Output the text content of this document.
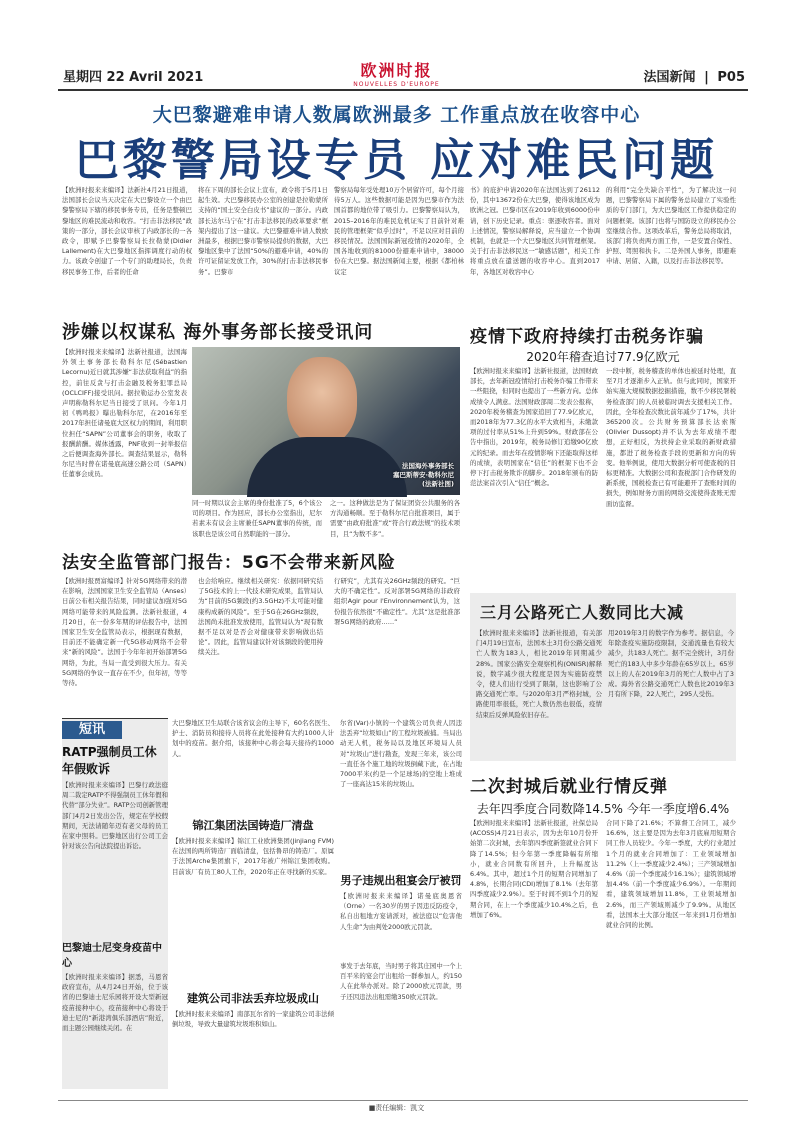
星期四 22 Avril 2021	欧洲时报
NOUVELLES D'EUROPE	法国新闻 | P05
大巴黎避难申请人数属欧洲最多 工作重点放在收容中心
巴黎警局设专员 应对难民问题
【欧洲时报来来编译】法新社4月21日报道，法国部长会议当天决定在大巴黎设立一个由巴黎警察局下辖的移民事务专员，任务是整顿巴黎地区的难民流动和收容。“打击非法移民”政策的一部分，部长会议审核了内政部长的一各政令，即赋予巴黎警察局长拉勒蒙(Didier Lallement)在大巴黎地区指挥调度行动的权力。该政令创建了一个专门的助理局长，负责移民事务工作，后者的任命
将在下周的部长会议上宣布，政令将于5月1日起生效。大巴黎移民办公室的创建是拉勒蒙所支持的“国土安全白皮书”建议的一部分。内政部长达尔马宁在“打击非法移民的改革要求”框架内提出了这一建议。大巴黎避难申请人数欧洲最多，根据巴黎市警察局提供的数据，大巴黎地区集中了法国“50%的避难申请，40%的许可证留证发放工作，30%的打击非法移民事务”。巴黎市
警察局每年受处理10万个居留许可，每个月接待5万人。这些数据可能是因为巴黎市作为法国首都的地位带了吸引力。巴黎警察局认为，2015–2016年的难民危机证实了目前针对难民的管理框架“似乎过时”，不足以应对目前的移民情况。法国国际新冠疫情的2020年，全国各地收到的81000份避难申请中，38000份在大巴黎。据法国新闻主要，根据《都柏林议定
书》的庇护申请2020年在法国达到了26112份，其中13672份在大巴黎，使得该地区成为欧洲之冠。巴黎市区在2019年收到6000份申请，创下历史记录。重点：驱逐收容者。面对上述情况，警察局解释说，应当建立一个协调机制，也就是一个大巴黎地区共同管理框架。关于打击非法移民这一“敏感话题”，相关工作将重点放在遣送题的收容中心。直到2017年，各地区对收容中心
的利用“完全失缺合平性”，为了解决这一问题，巴黎警察局下属的警务总局建立了实验性质的专门部门，为大巴黎地区工作提供稳定的问题框架。该部门也将与国防设立的移民办公室继续合作。这项改革后，警务总局将取消，该部门将负责两方面工作，一是安置合保性、护照、驾照和执卡。二是外国人事务，即避难申请、居留、入籍，以及打击非法移民等。
涉嫌以权谋私 海外事务部长接受讯问
【欧洲时报来来编译】法新社报道，法国海外领土事务部长勒科尔尼(Sébastien Lecornu)近日就其涉嫌“非法获取利益”的指控，前往反贪与打击金融及税务犯罪总局(OCLCIFF)接受讯问。据拉勒运办公室发表声明称勒科尔尼当日接受了讯问。今年1月初《鸭鸣报》曝出勒科尔尼，在2016年至2017年担任诸曼底大区权力的期间，利用职位担任“SAPN”公司董事会的职务，收取了报酬薪酬。媒体透露，PNF收到一封举报信之后便调查海外部长。调查结果显示，勒科尔尼当时曾在诺曼底高速公路公司（SAPN）任董事会成员。
法国海外事务部长
塞巴斯蒂安·勒科尔尼
(法新社图)
同一时期以议会主席的身份批准了5，6个该公司的项目。作为回应，部长办公室指出，尼尔若素未有议会主席兼任SAPN董事的传统，而该职也是该公司自然职能的一部分。
之一。这种做法是为了保证团资公共服务的各方沟通畅顺。至于勒科尔尼自批准项目，属于需要“由政府批准”或“符合行政法规”的技术项目，且“为数不多”。
法安全监管部门报告：5G不会带来新风险
【欧洲时报贾富编译】针对5G网络带来的潜在影响，法国国家卫生安全监管局（Anses）日前公布相关报告结果，同时建议加强对5G网络可能带来的风险监测。法新社报道，4月20日，在一份多年期的评估报告中，法国国家卫生安全监管局表示，根据现有数据，目前还不能确定新一代5G移动网络不会带来“新的风险”。法国于今年年初开始部署5G网络，为此，当局一直受到很大压力。有关5G网络的争议一直存在不少，但年初，等等等待。
也会给响应。继续相关研究：依据同研究结了5G技术的上一代技术研究成果，监管局认为“目前的5G频段(约3.5GHz)不太可能对健康构成新的风险”。至于5G在26GHz频段，法国尚未批准发放使用，监管局认为“现有数据不足以对是否会对健康带来影响做出结论”。因此，监管局建议针对该频段的使用持续关注。
行研究”，尤其有关26GHz频段的研究。“巨大的不确定性”。反对部署5G网络的非政府组织Agir pour l'Environnement认为，这份报告依然很“不确定性”。尤其“这是批准部署5G网络的政府……”
短讯
RATP强制员工休年假败诉
【欧洲时报来来编译】巴黎行政法庭周二裁定RATP不得强制员工休年假和代替“部分失业”。RATP公司创新管理部门4月2日发出公告，规定在学校假期间，无法请随年迈有老父母的员工在家中照料。巴黎地区出行公司工会针对该公告向法院提出诉讼。
巴黎迪士尼变身疫苗中心
【欧洲时报来来编译】据悉，马恩省政府宣布，从4月24日开始，位于该省的巴黎迪士尼乐园将开设大型新冠疫苗接种中心，疫苗接种中心将设于迪士尼的“新港湾俱乐部酒店”附近，而主题公园继续关闭。在
大巴黎地区卫生局联合该省议会的主导下，60名名医生、护士、消防员和接待人员将在此处接种有大约1000人计划中的疫苗。据介绍，该接种中心将会每天接待约1000人。
锦江集团法国铸造厂清盘
【欧洲时报来来编译】锦江工业欧洲集团(Jinjiang FVM)在法国的两所铸造厂面临清盘，包括鲁昂的铸造厂。原属于法国Arche集团旗下，2017年被广州锦江集团收购。目前该厂有员工80人工作，2020年正在寻找新的买家。
建筑公司非法丢弃垃圾成山
【欧洲时报来来编译】南部瓦尔省的一家建筑公司非法倾倒垃圾，导致大量建筑垃圾堆积如山。
尔省(Var)小镇的一个建筑公司负责人因违法丢弃“垃圾如山”的工程垃圾被捕。当局出动无人机，税务局以及地区环境局人员对“垃圾山”进行勘查，发现三年来，该公司一直任各个施工地的垃圾倒藏下此，在占地7000平米(约是一个足球场)的空地上堆成了一座高达15米的垃圾山。
男子违规出租宴会厅被罚
【欧洲时报来来编译】诺曼底奥恩省（Orne）一名30岁的男子因违反防疫令，私自出租地方宴请派对，被法庭以“危害他人生命”为由判处2000欧元罚款。
事发于去年底，当时男子将其庄园中一个上百平米的宴会厅出租给一群参加人，约150人在此举办派对。除了2000欧元罚款，男子还因违法出租需缴350欧元罚款。
疫情下政府持续打击税务诈骗
2020年稽查追讨77.9亿欧元
【欧洲时报来来编译】法新社报道，法国财政部长，去年新冠疫情给打击税务诈骗工作带来一些阻挠，但同时也提出了一些新方向。总体成绩令人满意。法国财政部周二发表公报称，2020年税务稽查为国家追回了77.9亿欧元，而2018年为77.3亿的水平大致相当，未缴款项的过付率从51%上升到59%。财政部在公告中指出，2019年，税务局修订追缴90亿欧元的纪录。而去年在疫情影响下还能取得这样的成绩，表明国家在“信任”的框架下也不会停下打击税务欺诈的脚步。2018年颁布的防范法案首次引入“信任”概念。
一段中断，税务稽查的单体也被延时处理，直至7月才逐渐步入正轨。但与此同时，国家开始实施大规模数据挖掘措施，数不少移民署税务检查部门的人员被临时调去支援相关工作。因此，全年检查次数比前年减少了17%，共计365200次。公共财务预算部长达索斯(Olivier Dussopt)并不认为去年成绩不理想，正好相反，为扶持企业采取的新财政措施，都进了税务检查手段的更新和方向的转变。他举例说，使用大数据分析可使查税的目标更精准。大数据公司和查税部门合作研发的新系统，国税检查已有可能避开了查账时间的损失，例如财务方面的网络交流使得查账无需面访监督。
三月公路死亡人数同比大减
【欧洲时报来来编译】法新社报道，有关部门4月19日宣布，法国本土3月份公路交通死亡人数为183人，相比2019年同期减少28%。国家公路安全观察机构(ONISR)解释说，数字减少很大程度是因为实施防疫禁令，使人们出行受到了限制，这也影响了公路交通死亡率。与2020年3月严格封城，公路使用率很低，死亡人数仍然也很低，疫情结束后反弹风险依旧存在。
用2019年3月的数字作为参考。据信息，今年除查疫实施防疫限制，交通流量也有较大减少，共183人死亡。据不完全统计，3月份死亡的183人中多少年龄在65岁以上。65岁以上的人在2019年3月的死亡人数中占了3成。海外省公路交通死亡人数也比2019年3月有所下降，22人死亡，295人受伤。
二次封城后就业行情反弹
去年四季度合同数降14.5% 今年一季度增6.4%
【欧洲时报来来编译】法新社报道，社保总局(ACOSS)4月21日表示，因为去年10月份开始第二次封城，去年第四季度新签就业合同下降了14.5%；但今年第一季度降幅有所缩小，就业合同数有所回升，上升幅度达6.4%。其中，超过1个月的短期合同增加了4.8%，长期合同(CDI)增加了8.1%（去年第四季度减少2.9%）。至于时间不到1个月的短期合同，在上一个季度减少10.4%之后，也增加了6%。
合同下降了21.6%；不算督工合同工，减少16.6%，这主要是因为去年3月底雇用短期合同工作人员较少。今年一季度，大约行业超过1个月的就业合同增加了：工业领域增加11.2%（上一季度减少2.4%）；三产领域增加4.6%（前一个季度减少16.1%）；建筑领域增加4.4%（前一个季度减少6.9%）。一年期间看，建筑领域增加11.8%，工业领域增加2.6%，而三产领域则减少了9.9%。从地区看，法国本土大部分地区一年来到1月份增加就业合同的比例。
■责任编辑：凯文
